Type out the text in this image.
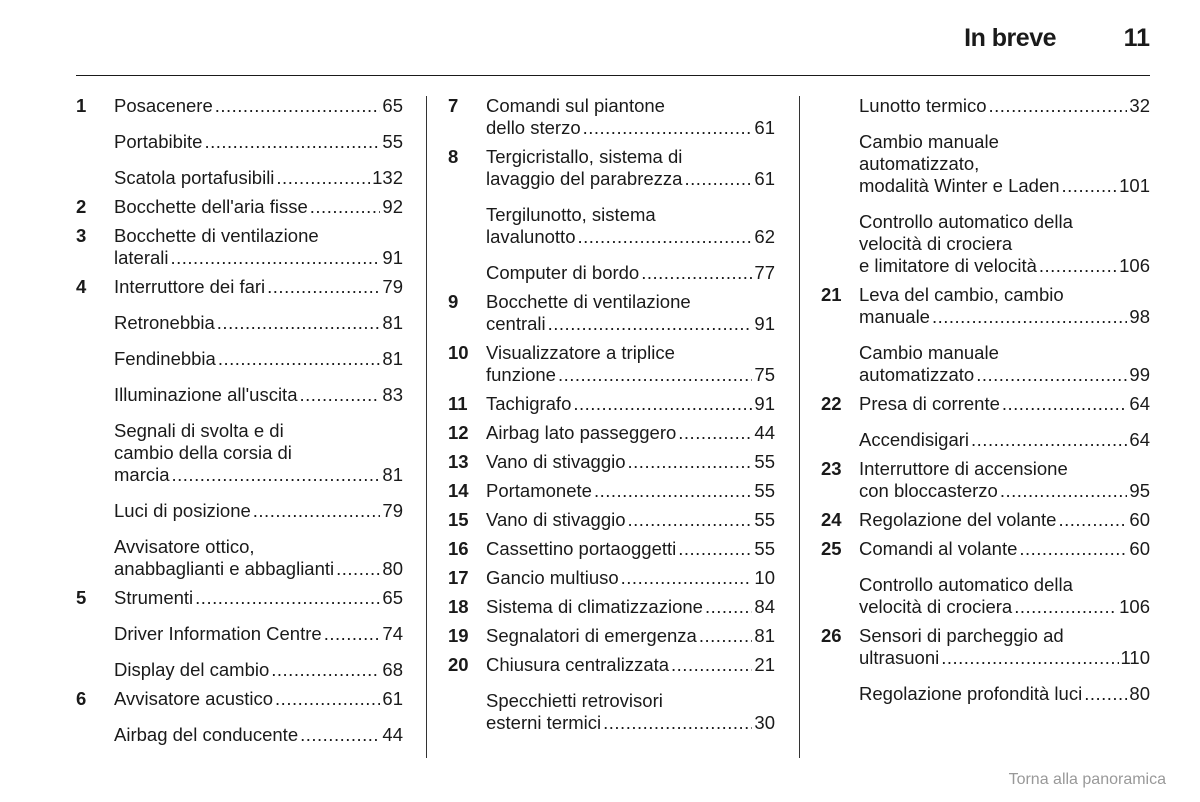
In breve	11
1	Posacenere .....	65
Portabibite .....	55
Scatola portafusibili .....	132
2	Bocchette dell'aria fisse .....	92
3	Bocchette di ventilazione
laterali .....	91
4	Interruttore dei fari .....	79
Retronebbia .....	81
Fendinebbia .....	81
Illuminazione all'uscita .....	83
Segnali di svolta e di
cambio della corsia di
marcia .....	81
Luci di posizione .....	79
Avvisatore ottico,
anabbaglianti e abbaglianti .....	80
5	Strumenti .....	65
Driver Information Centre .....	74
Display del cambio .....	68
6	Avvisatore acustico .....	61
Airbag del conducente .....	44
7	Comandi sul piantone
dello sterzo .....	61
8	Tergicristallo, sistema di
lavaggio del parabrezza .....	61
Tergilunotto, sistema
lavalunotto .....	62
Computer di bordo .....	77
9	Bocchette di ventilazione
centrali .....	91
10 Visualizzatore a triplice
funzione .....	75
11 Tachigrafo .....	91
12 Airbag lato passeggero .....	44
13 Vano di stivaggio .....	55
14 Portamonete .....	55
15 Vano di stivaggio .....	55
16 Cassettino portaoggetti .....	55
17 Gancio multiuso .....	10
18 Sistema di climatizzazione .....	84
19 Segnalatori di emergenza .....	81
20 Chiusura centralizzata .....	21
Specchietti retrovisori
esterni termici .....	30
Lunotto termico .....	32
Cambio manuale
automatizzato,
modalità Winter e Laden .....	101
Controllo automatico della
velocità di crociera
e limitatore di velocità .....	106
21 Leva del cambio, cambio
manuale .....	98
Cambio manuale
automatizzato .....	99
22 Presa di corrente .....	64
Accendisigari .....	64
23 Interruttore di accensione
con bloccasterzo .....	95
24 Regolazione del volante .....	60
25 Comandi al volante .....	60
Controllo automatico della
velocità di crociera .....	106
26 Sensori di parcheggio ad
ultrasuoni .....	110
Regolazione profondità luci .....	80
Torna alla panoramica
